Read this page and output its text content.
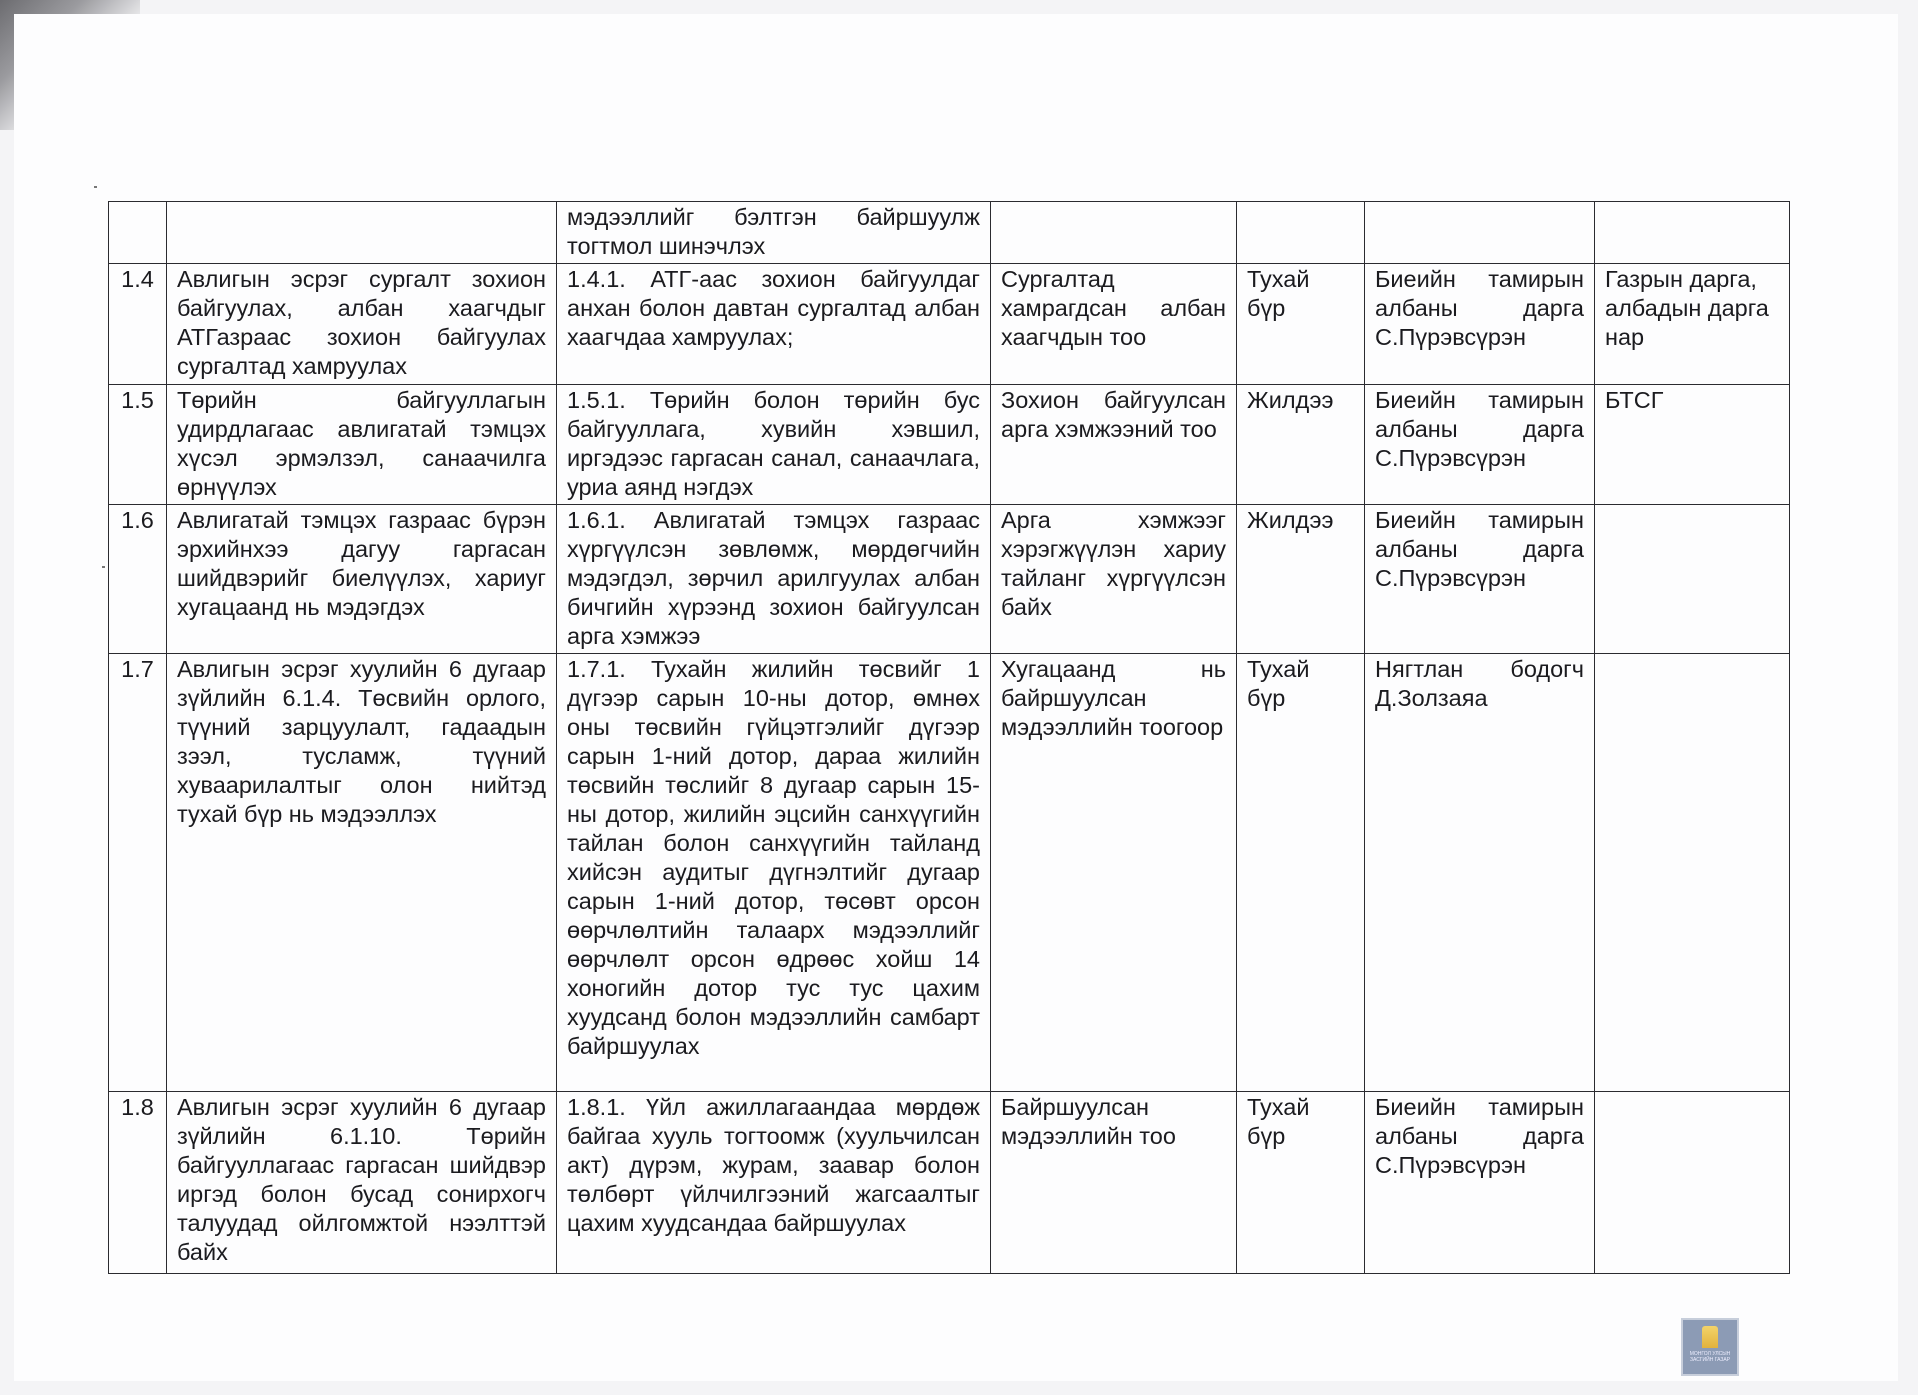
		мэдээллийг бэлтгэн байршуулж тогтмол шинэчлэх				
1.4	Авлигын эсрэг сургалт зохион байгуулах, албан хаагчдыг АТГазраас зохион байгуулах сургалтад хамруулах	1.4.1. АТГ-аас зохион байгуулдаг анхан болон давтан сургалтад албан хаагчдаа хамруулах;	Сургалтад хамрагдсан албан хаагчдын тоо	Тухай бүр	Биеийн тамирын албаны дарга С.Пүрэвсүрэн	Газрын дарга, албадын дарга нар
1.5	Төрийн байгууллагын удирдлагаас авлигатай тэмцэх хүсэл эрмэлзэл, санаачилга өрнүүлэх	1.5.1. Төрийн болон төрийн бус байгууллага, хувийн хэвшил, иргэдээс гаргасан санал, санаачлага, уриа аянд нэгдэх	Зохион байгуулсан арга хэмжээний тоо	Жилдээ	Биеийн тамирын албаны дарга С.Пүрэвсүрэн	БТСГ
1.6	Авлигатай тэмцэх газраас бүрэн эрхийнхээ дагуу гаргасан шийдвэрийг биелүүлэх, хариуг хугацаанд нь мэдэгдэх	1.6.1. Авлигатай тэмцэх газраас хүргүүлсэн зөвлөмж, мөрдөгчийн мэдэгдэл, зөрчил арилгуулах албан бичгийн хүрээнд зохион байгуулсан арга хэмжээ	Арга хэмжээг хэрэгжүүлэн хариу тайланг хүргүүлсэн байх	Жилдээ	Биеийн тамирын албаны дарга С.Пүрэвсүрэн	
1.7	Авлигын эсрэг хуулийн 6 дугаар зүйлийн 6.1.4. Төсвийн орлого, түүний зарцуулалт, гадаадын зээл, тусламж, түүний хуваарилалтыг олон нийтэд тухай бүр нь мэдээллэх	1.7.1. Тухайн жилийн төсвийг 1 дүгээр сарын 10-ны дотор, өмнөх оны төсвийн гүйцэтгэлийг дүгээр сарын 1-ний дотор, дараа жилийн төсвийн төслийг 8 дугаар сарын 15-ны дотор, жилийн эцсийн санхүүгийн тайлан болон санхүүгийн тайланд хийсэн аудитыг дүгнэлтийг дугаар сарын 1-ний дотор, төсөвт орсон өөрчлөлтийн талаарх мэдээллийг өөрчлөлт орсон өдрөөс хойш 14 хоногийн дотор тус тус цахим хуудсанд болон мэдээллийн самбарт байршуулах	Хугацаанд нь байршуулсан мэдээллийн тоогоор	Тухай бүр	Нягтлан бодогч Д.Золзаяа	
1.8	Авлигын эсрэг хуулийн 6 дугаар зүйлийн 6.1.10. Төрийн байгууллагаас гаргасан шийдвэр иргэд болон бусад сонирхогч талуудад ойлгомжтой нээлттэй байх	1.8.1. Үйл ажиллагаандаа мөрдөж байгаа хууль тогтоомж (хуульчилсан акт) дүрэм, журам, заавар болон төлбөрт үйлчилгээний жагсаалтыг цахим хуудсандаа байршуулах	Байршуулсан мэдээллийн тоо	Тухай бүр	Биеийн тамирын албаны дарга С.Пүрэвсүрэн	
МОНГОЛ УЛСЫН ЗАСГИЙН ГАЗАР
